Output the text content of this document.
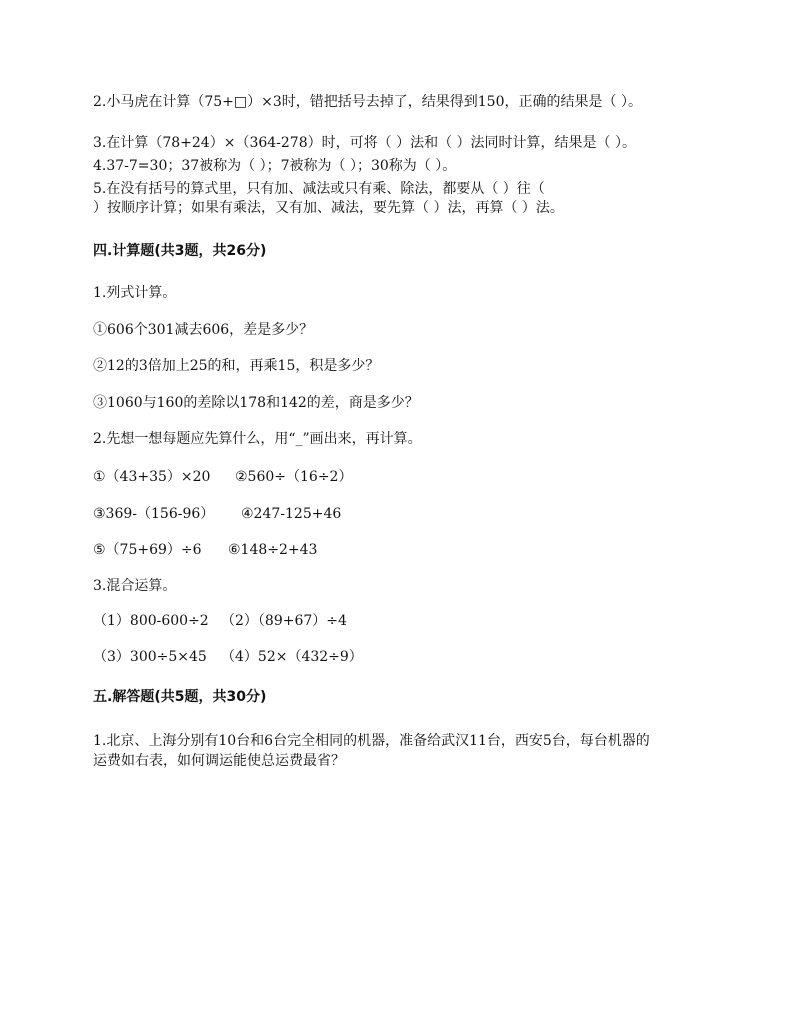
2.小马虎在计算（75+□）×3时，错把括号去掉了，结果得到150，正确的结果是（ ）。
3.在计算（78+24）×（364-278）时，可将（ ）法和（ ）法同时计算，结果是（ ）。
4.37-7=30；37被称为（ ）；7被称为（ ）；30称为（ ）。
5.在没有括号的算式里，只有加、减法或只有乘、除法，都要从（ ）往（
）按顺序计算；如果有乘法，又有加、减法，要先算（ ）法，再算（ ）法。
四.计算题(共3题，共26分)
1.列式计算。
①606个301减去606，差是多少？
②12的3倍加上25的和，再乘15，积是多少？
③1060与160的差除以178和142的差，商是多少？
2.先想一想每题应先算什么，用“_”画出来，再计算。
①（43+35）×20 ②560÷（16÷2）
③369-（156-96） ④247-125+46
⑤（75+69）÷6 ⑥148÷2+43
3.混合运算。
（1）800-600÷2 （2）（89+67）÷4
（3）300÷5×45 （4）52×（432÷9）
五.解答题(共5题，共30分)
1.北京、上海分别有10台和6台完全相同的机器，准备给武汉11台，西安5台，每台机器的
运费如右表，如何调运能使总运费最省？
